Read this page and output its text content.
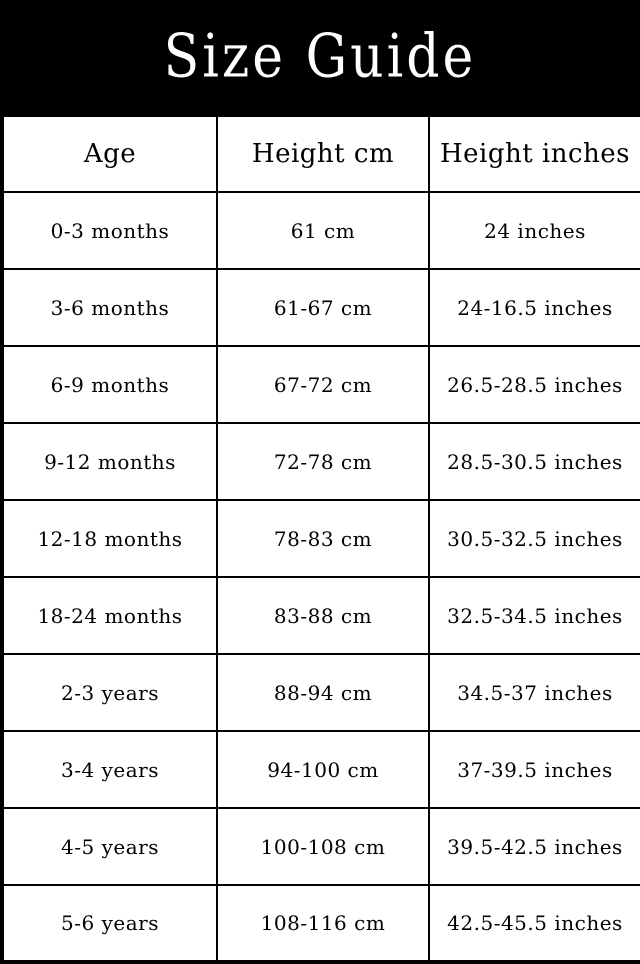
Size Guide
Age	Height cm	Height inches
0-3 months	61 cm	24 inches
3-6 months	61-67 cm	24-16.5 inches
6-9 months	67-72 cm	26.5-28.5 inches
9-12 months	72-78 cm	28.5-30.5 inches
12-18 months	78-83 cm	30.5-32.5 inches
18-24 months	83-88 cm	32.5-34.5 inches
2-3 years	88-94 cm	34.5-37 inches
3-4 years	94-100 cm	37-39.5 inches
4-5 years	100-108 cm	39.5-42.5 inches
5-6 years	108-116 cm	42.5-45.5 inches
